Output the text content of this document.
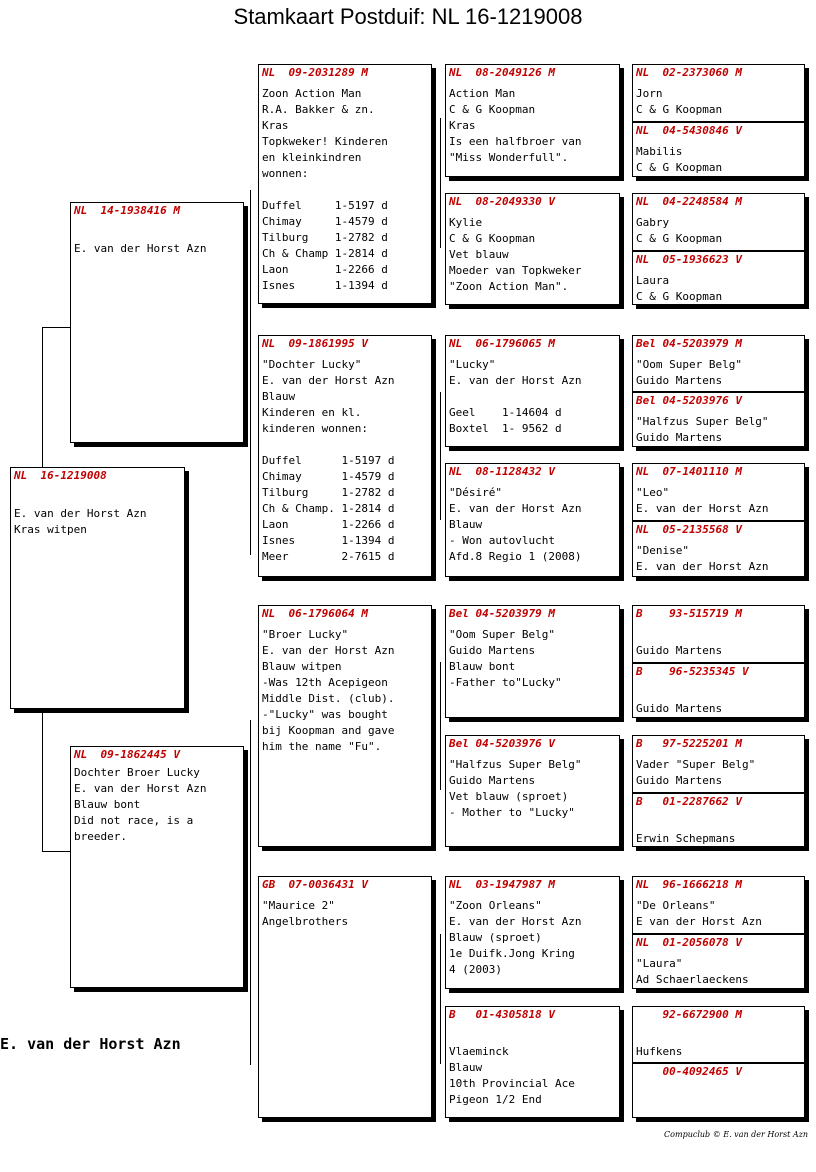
Stamkaart Postduif: NL 16-1219008
NL  16-1219008
E. van der Horst Azn
Kras witpen
NL  14-1938416 M
E. van der Horst Azn
NL  09-1862445 V
Dochter Broer Lucky
E. van der Horst Azn
Blauw bont
Did not race, is a
breeder.
NL  09-2031289 M
Zoon Action Man
R.A. Bakker & zn.
Kras
Topkweker! Kinderen
en kleinkindren
wonnen:

Duffel     1-5197 d
Chimay     1-4579 d
Tilburg    1-2782 d
Ch & Champ 1-2814 d
Laon       1-2266 d
Isnes      1-1394 d
NL  09-1861995 V
"Dochter Lucky"
E. van der Horst Azn
Blauw
Kinderen en kl.
kinderen wonnen:

Duffel      1-5197 d
Chimay      1-4579 d
Tilburg     1-2782 d
Ch & Champ. 1-2814 d
Laon        1-2266 d
Isnes       1-1394 d
Meer        2-7615 d
NL  06-1796064 M
"Broer Lucky"
E. van der Horst Azn
Blauw witpen
-Was 12th Acepigeon
Middle Dist. (club).
-"Lucky" was bought
bij Koopman and gave
him the name "Fu".
GB  07-0036431 V
"Maurice 2"
Angelbrothers
NL  08-2049126 M
Action Man
C & G Koopman
Kras
Is een halfbroer van
"Miss Wonderfull".
NL  08-2049330 V
Kylie
C & G Koopman
Vet blauw
Moeder van Topkweker
"Zoon Action Man".
NL  06-1796065 M
"Lucky"
E. van der Horst Azn

Geel    1-14604 d
Boxtel  1- 9562 d
NL  08-1128432 V
"Désiré"
E. van der Horst Azn
Blauw
- Won autovlucht
Afd.8 Regio 1 (2008)
Bel 04-5203979 M
"Oom Super Belg"
Guido Martens
Blauw bont
-Father to"Lucky"
Bel 04-5203976 V
"Halfzus Super Belg"
Guido Martens
Vet blauw (sproet)
- Mother to "Lucky"
NL  03-1947987 M
"Zoon Orleans"
E. van der Horst Azn
Blauw (sproet)
1e Duifk.Jong Kring
4 (2003)
B   01-4305818 V

Vlaeminck
Blauw
10th Provincial Ace
Pigeon 1/2 End
NL  02-2373060 M
Jorn
C & G Koopman
NL  04-5430846 V
Mabilis
C & G Koopman
NL  04-2248584 M
Gabry
C & G Koopman
NL  05-1936623 V
Laura
C & G Koopman
Bel 04-5203979 M
"Oom Super Belg"
Guido Martens
Bel 04-5203976 V
"Halfzus Super Belg"
Guido Martens
NL  07-1401110 M
"Leo"
E. van der Horst Azn
NL  05-2135568 V
"Denise"
E. van der Horst Azn
B    93-515719 M

Guido Martens
B    96-5235345 V

Guido Martens
B   97-5225201 M
Vader "Super Belg"
Guido Martens
B   01-2287662 V

Erwin Schepmans
NL  96-1666218 M
"De Orleans"
E van der Horst Azn
NL  01-2056078 V
"Laura"
Ad Schaerlaeckens
92-6672900 M

Hufkens
00-4092465 V
E. van der Horst Azn
Compuclub © E. van der Horst Azn
